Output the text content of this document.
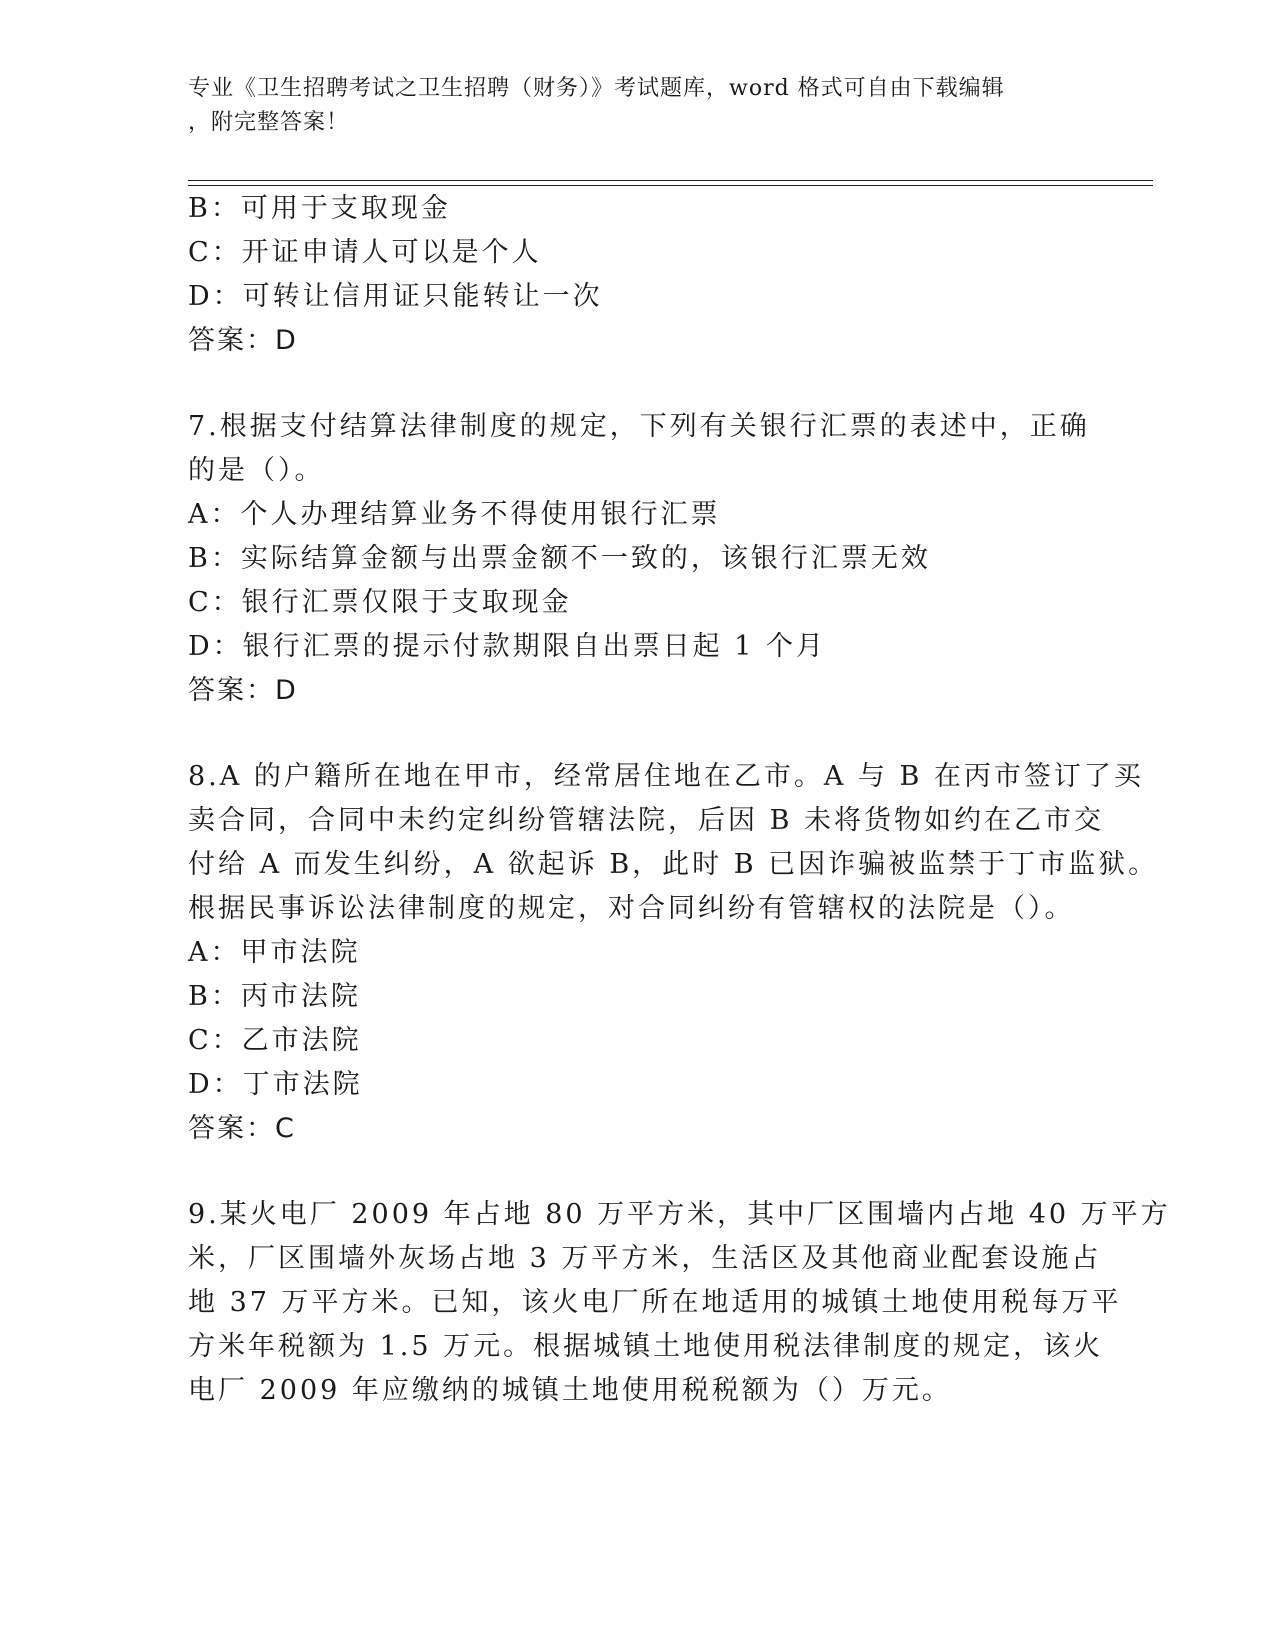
专业《卫生招聘考试之卫生招聘（财务）》考试题库，word 格式可自由下载编辑
，附完整答案！
B：可用于支取现金
C：开证申请人可以是个人
D：可转让信用证只能转让一次
答案：D
7.根据支付结算法律制度的规定，下列有关银行汇票的表述中，正确
的是（）。
A：个人办理结算业务不得使用银行汇票
B：实际结算金额与出票金额不一致的，该银行汇票无效
C：银行汇票仅限于支取现金
D：银行汇票的提示付款期限自出票日起 1 个月
答案：D
8.A 的户籍所在地在甲市，经常居住地在乙市。A 与 B 在丙市签订了买
卖合同，合同中未约定纠纷管辖法院，后因 B 未将货物如约在乙市交
付给 A 而发生纠纷，A 欲起诉 B，此时 B 已因诈骗被监禁于丁市监狱。
根据民事诉讼法律制度的规定，对合同纠纷有管辖权的法院是（）。
A：甲市法院
B：丙市法院
C：乙市法院
D：丁市法院
答案：C
9.某火电厂 2009 年占地 80 万平方米，其中厂区围墙内占地 40 万平方
米，厂区围墙外灰场占地 3 万平方米，生活区及其他商业配套设施占
地 37 万平方米。已知，该火电厂所在地适用的城镇土地使用税每万平
方米年税额为 1.5 万元。根据城镇土地使用税法律制度的规定，该火
电厂 2009 年应缴纳的城镇土地使用税税额为（）万元。
